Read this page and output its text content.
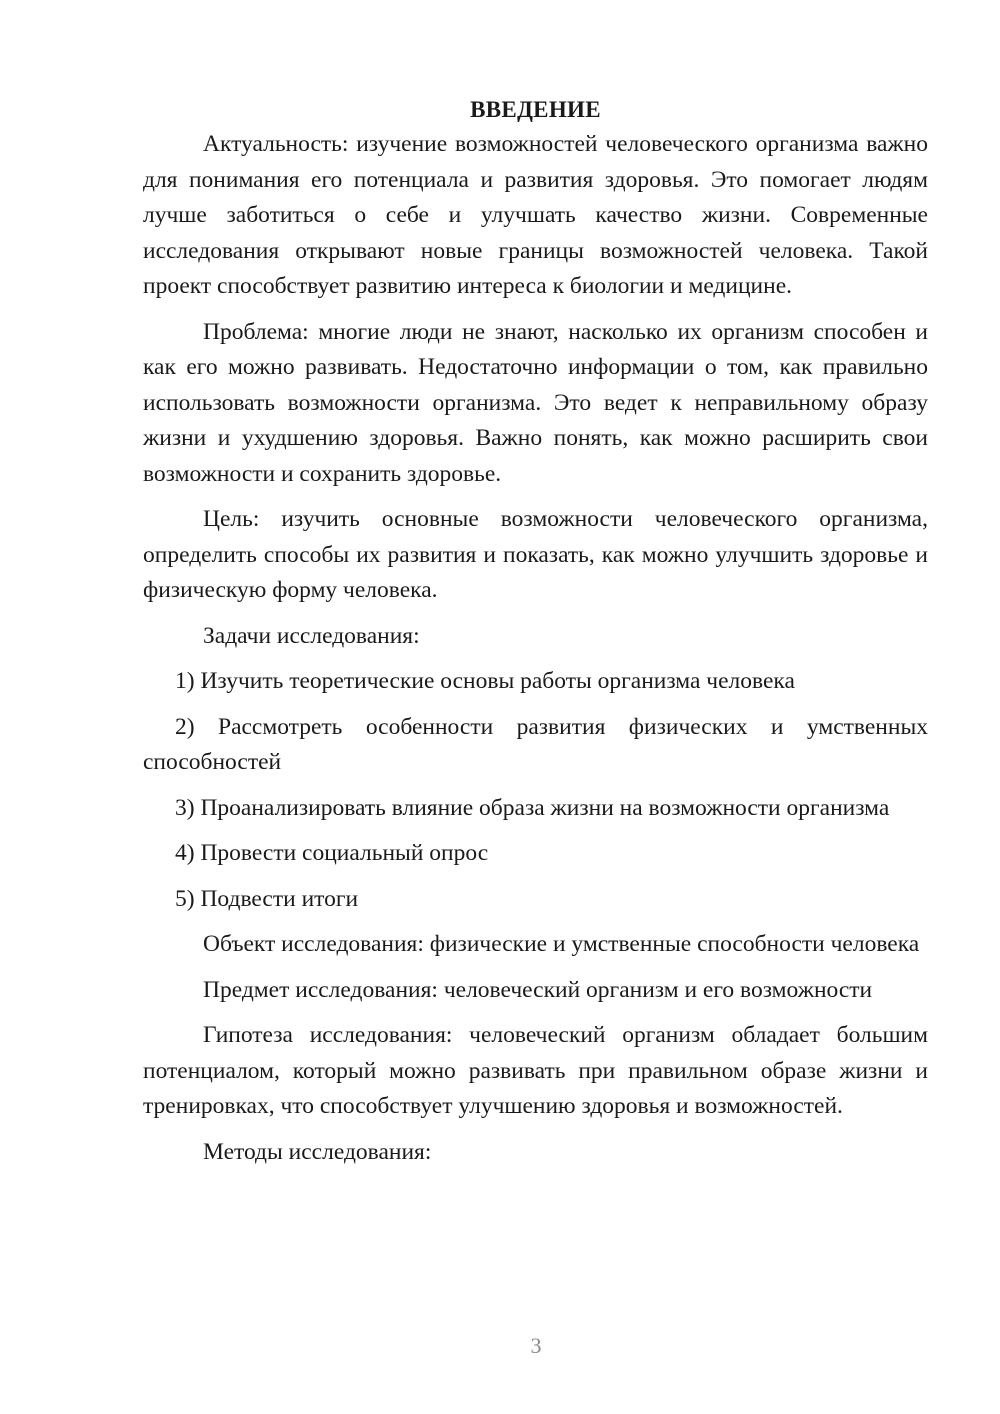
ВВЕДЕНИЕ

Актуальность: изучение возможностей человеческого организма важно для понимания его потенциала и развития здоровья. Это помогает людям лучше заботиться о себе и улучшать качество жизни. Современные исследования открывают новые границы возможностей человека. Такой проект способствует развитию интереса к биологии и медицине.

Проблема: многие люди не знают, насколько их организм способен и как его можно развивать. Недостаточно информации о том, как правильно использовать возможности организма. Это ведет к неправильному образу жизни и ухудшению здоровья. Важно понять, как можно расширить свои возможности и сохранить здоровье.

Цель: изучить основные возможности человеческого организма, определить способы их развития и показать, как можно улучшить здоровье и физическую форму человека.

Задачи исследования:

1) Изучить теоретические основы работы организма человека

2) Рассмотреть особенности развития физических и умственных способностей

3) Проанализировать влияние образа жизни на возможности организма

4) Провести социальный опрос

5) Подвести итоги

Объект исследования: физические и умственные способности человека

Предмет исследования: человеческий организм и его возможности

Гипотеза исследования: человеческий организм обладает большим потенциалом, который можно развивать при правильном образе жизни и тренировках, что способствует улучшению здоровья и возможностей.

Методы исследования:

3
